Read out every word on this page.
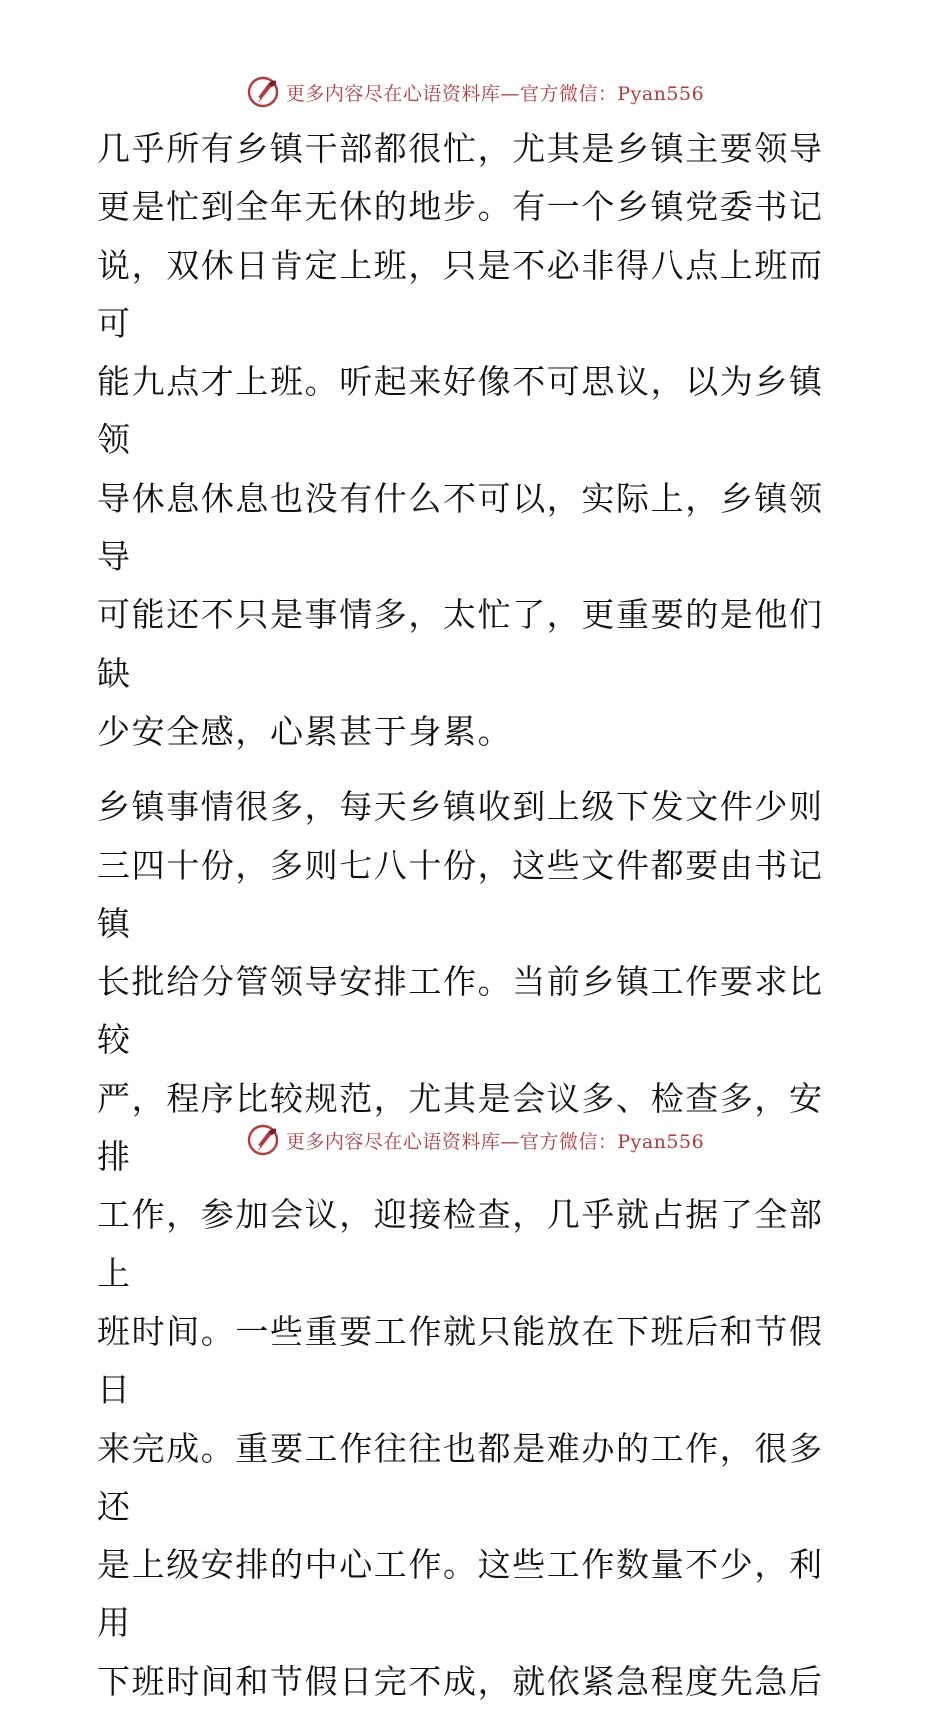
更多内容尽在心语资料库—官方微信：Pyan556

几乎所有乡镇干部都很忙，尤其是乡镇主要领导
更是忙到全年无休的地步。有一个乡镇党委书记
说，双休日肯定上班，只是不必非得八点上班而可
能九点才上班。听起来好像不可思议，以为乡镇领
导休息休息也没有什么不可以，实际上，乡镇领导
可能还不只是事情多，太忙了，更重要的是他们缺
少安全感，心累甚于身累。

乡镇事情很多，每天乡镇收到上级下发文件少则
三四十份，多则七八十份，这些文件都要由书记镇
长批给分管领导安排工作。当前乡镇工作要求比较
严，程序比较规范，尤其是会议多、检查多，安排
工作，参加会议，迎接检查，几乎就占据了全部上
班时间。一些重要工作就只能放在下班后和节假日
来完成。重要工作往往也都是难办的工作，很多还
是上级安排的中心工作。这些工作数量不少，利用
下班时间和节假日完不成，就依紧急程度先急后

更多内容尽在心语资料库—官方微信：Pyan556
